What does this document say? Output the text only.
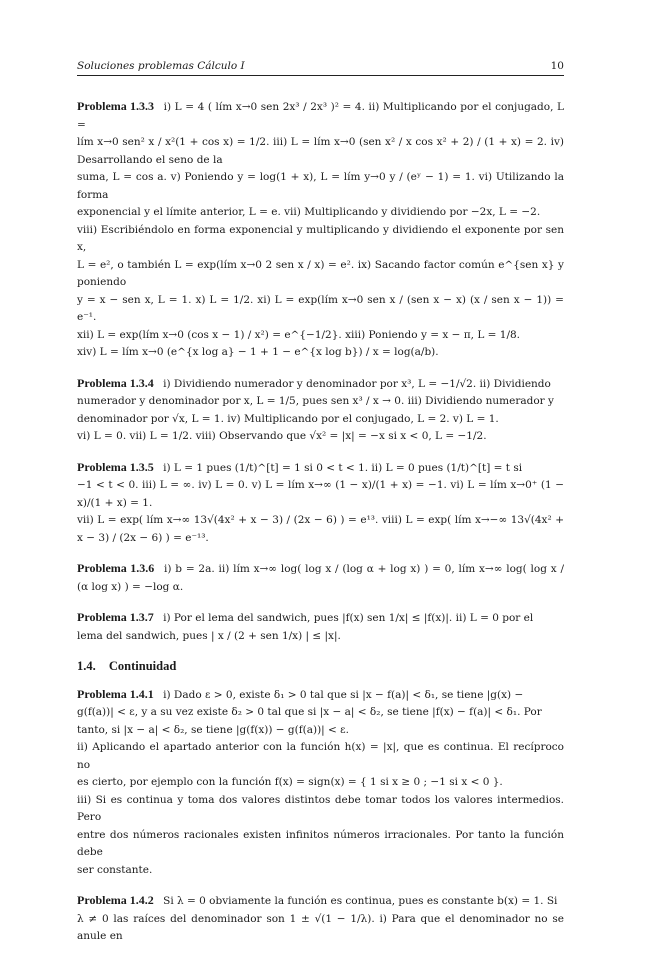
Soluciones problemas Cálculo I	10
Problema 1.3.3 i) L = 4 ( lím x→0 sen 2x³ / 2x³ )² = 4. ii) Multiplicando por el conjugado, L =
lím x→0 sen² x / x²(1 + cos x) = 1/2. iii) L = lím x→0 (sen x² / x cos x² + 2) / (1 + x) = 2. iv) Desarrollando el seno de la
suma, L = cos a. v) Poniendo y = log(1 + x), L = lím y→0 y / (eʸ − 1) = 1. vi) Utilizando la forma
exponencial y el límite anterior, L = e. vii) Multiplicando y dividiendo por −2x, L = −2.
viii) Escribiéndolo en forma exponencial y multiplicando y dividiendo el exponente por sen x,
L = e², o también L = exp(lím x→0 2 sen x / x) = e². ix) Sacando factor común e^{sen x} y poniendo
y = x − sen x, L = 1. x) L = 1/2. xi) L = exp(lím x→0 sen x / (sen x − x) (x / sen x − 1)) = e⁻¹.
xii) L = exp(lím x→0 (cos x − 1) / x²) = e^{−1/2}. xiii) Poniendo y = x − π, L = 1/8.
xiv) L = lím x→0 (e^{x log a} − 1 + 1 − e^{x log b}) / x = log(a/b).
Problema 1.3.4 i) Dividiendo numerador y denominador por x³, L = −1/√2. ii) Dividiendo
numerador y denominador por x, L = 1/5, pues sen x³ / x → 0. iii) Dividiendo numerador y
denominador por √x, L = 1. iv) Multiplicando por el conjugado, L = 2. v) L = 1.
vi) L = 0. vii) L = 1/2. viii) Observando que √x² = |x| = −x si x < 0, L = −1/2.
Problema 1.3.5 i) L = 1 pues (1/t)^[t] = 1 si 0 < t < 1. ii) L = 0 pues (1/t)^[t] = t si
−1 < t < 0. iii) L = ∞. iv) L = 0. v) L = lím x→∞ (1 − x)/(1 + x) = −1. vi) L = lím x→0⁺ (1 − x)/(1 + x) = 1.
vii) L = exp( lím x→∞ 13√(4x² + x − 3) / (2x − 6) ) = e¹³. viii) L = exp( lím x→−∞ 13√(4x² + x − 3) / (2x − 6) ) = e⁻¹³.
Problema 1.3.6 i) b = 2a. ii) lím x→∞ log( log x / (log α + log x) ) = 0, lím x→∞ log( log x / (α log x) ) = −log α.
Problema 1.3.7 i) Por el lema del sandwich, pues |f(x) sen 1/x| ≤ |f(x)|. ii) L = 0 por el
lema del sandwich, pues | x / (2 + sen 1/x) | ≤ |x|.
1.4. Continuidad
Problema 1.4.1 i) Dado ε > 0, existe δ₁ > 0 tal que si |x − f(a)| < δ₁, se tiene |g(x) −
g(f(a))| < ε, y a su vez existe δ₂ > 0 tal que si |x − a| < δ₂, se tiene |f(x) − f(a)| < δ₁. Por
tanto, si |x − a| < δ₂, se tiene |g(f(x)) − g(f(a))| < ε.
ii) Aplicando el apartado anterior con la función h(x) = |x|, que es continua. El recíproco no
es cierto, por ejemplo con la función f(x) = sign(x) = { 1 si x ≥ 0 ; −1 si x < 0 }.
iii) Si es continua y toma dos valores distintos debe tomar todos los valores intermedios. Pero
entre dos números racionales existen infinitos números irracionales. Por tanto la función debe
ser constante.
Problema 1.4.2 Si λ = 0 obviamente la función es continua, pues es constante b(x) = 1. Si
λ ≠ 0 las raíces del denominador son 1 ± √(1 − 1/λ). i) Para que el denominador no se anule en
